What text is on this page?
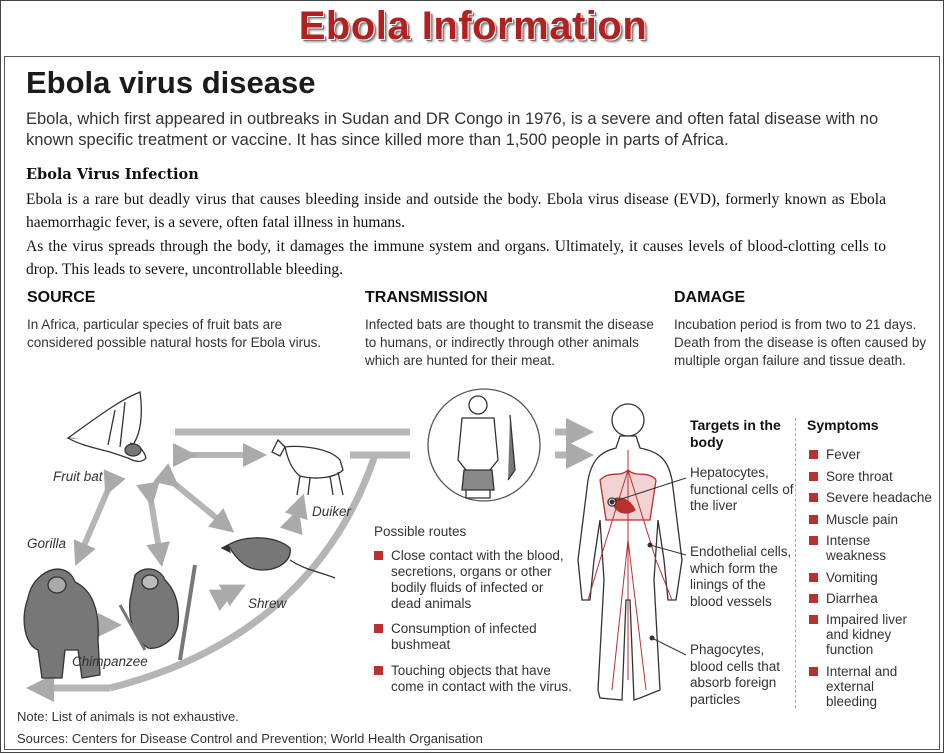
Ebola Information
Ebola virus disease
Ebola, which first appeared in outbreaks in Sudan and DR Congo in 1976, is a severe and often fatal disease with no known specific treatment or vaccine. It has since killed more than 1,500 people in parts of Africa.
Ebola Virus Infection
Ebola is a rare but deadly virus that causes bleeding inside and outside the body. Ebola virus disease (EVD), formerly known as Ebola haemorrhagic fever, is a severe, often fatal illness in humans.
As the virus spreads through the body, it damages the immune system and organs. Ultimately, it causes levels of blood-clotting cells to drop. This leads to severe, uncontrollable bleeding.
SOURCE
In Africa, particular species of fruit bats are considered possible natural hosts for Ebola virus.
TRANSMISSION
Infected bats are thought to transmit the disease to humans, or indirectly through other animals which are hunted for their meat.
DAMAGE
Incubation period is from two to 21 days. Death from the disease is often caused by multiple organ failure and tissue death.
Fruit bat
Gorilla
Chimpanzee
Duiker
Shrew
Possible routes
Close contact with the blood, secretions, organs or other bodily fluids of infected or dead animals
Consumption of infected bushmeat
Touching objects that have come in contact with the virus.
Targets in the body
Hepatocytes, functional cells of the liver
Endothelial cells, which form the linings of the blood vessels
Phagocytes, blood cells that absorb foreign particles
Symptoms
Fever
Sore throat
Severe headache
Muscle pain
Intense weakness
Vomiting
Diarrhea
Impaired liver and kidney function
Internal and external bleeding
Note: List of animals is not exhaustive.
Sources: Centers for Disease Control and Prevention; World Health Organisation
